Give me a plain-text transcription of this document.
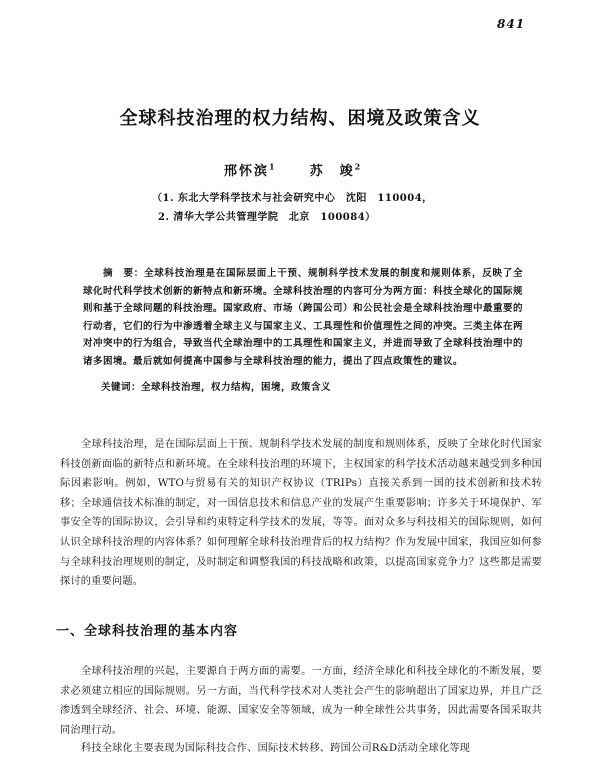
841
全球科技治理的权力结构、困境及政策含义
邢怀滨$^1$	苏　竣$^2$
（1. 东北大学科学技术与社会研究中心　沈阳　110004，
2. 清华大学公共管理学院　北京　100084）
摘　要：全球科技治理是在国际层面上干预、规制科学技术发展的制度和规则体系，反映了全球化时代科学技术创新的新特点和新环境。全球科技治理的内容可分为两方面：科技全球化的国际规则和基于全球问题的科技治理。国家政府、市场（跨国公司）和公民社会是全球科技治理中最重要的行动者，它们的行为中渗透着全球主义与国家主义、工具理性和价值理性之间的冲突。三类主体在两对冲突中的行为组合，导致当代全球治理中的工具理性和国家主义，并进而导致了全球科技治理中的诸多困境。最后就如何提高中国参与全球科技治理的能力，提出了四点政策性的建议。
关键词：全球科技治理，权力结构，困境，政策含义
全球科技治理，是在国际层面上干预、规制科学技术发展的制度和规则体系，反映了全球化时代国家科技创新面临的新特点和新环境。在全球科技治理的环境下，主权国家的科学技术活动越来越受到多种国际因素影响。例如，WTO与贸易有关的知识产权协议（TRIPs）直接关系到一国的技术创新和技术转移；全球通信技术标准的制定，对一国信息技术和信息产业的发展产生重要影响；许多关于环境保护、军事安全等的国际协议，会引导和约束特定科学技术的发展，等等。面对众多与科技相关的国际规则，如何认识全球科技治理的内容体系？如何理解全球科技治理背后的权力结构？作为发展中国家，我国应如何参与全球科技治理规则的制定，及时制定和调整我国的科技战略和政策，以提高国家竞争力？这些都是需要探讨的重要问题。
一、全球科技治理的基本内容
全球科技治理的兴起，主要源自于两方面的需要。一方面，经济全球化和科技全球化的不断发展，要求必须建立相应的国际规则。另一方面，当代科学技术对人类社会产生的影响超出了国家边界，并且广泛渗透到全球经济、社会、环境、能源、国家安全等领域，成为一种全球性公共事务，因此需要各国采取共同治理行动。
科技全球化主要表现为国际科技合作、国际技术转移、跨国公司R&D活动全球化等现
